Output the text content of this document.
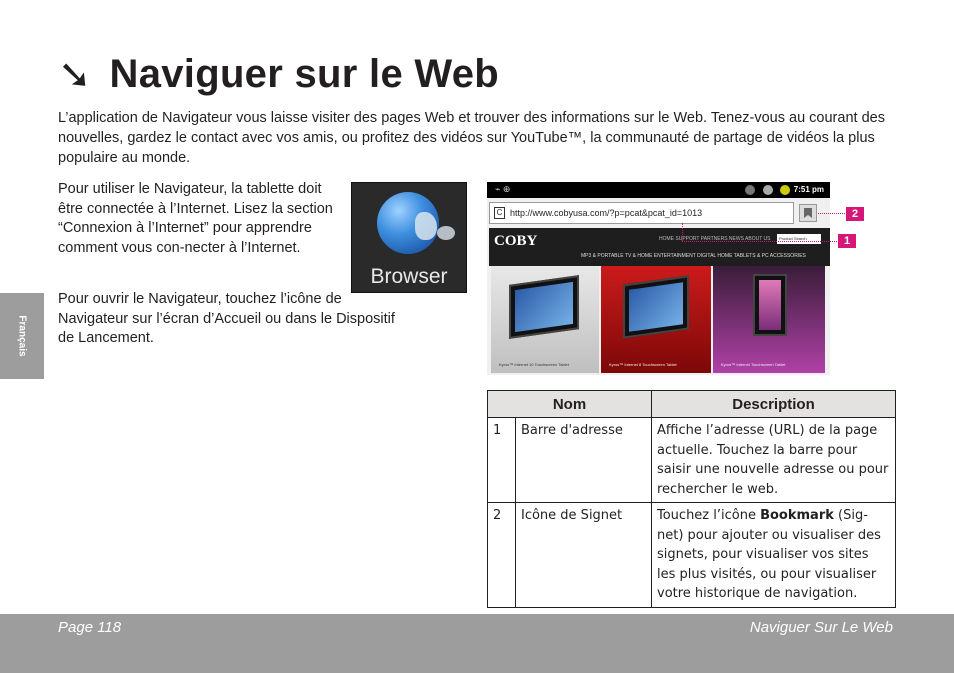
Français
➘ Naviguer sur le Web

L’application de Navigateur vous laisse visiter des pages Web et trouver des informations sur le Web. Tenez-vous au courant des nouvelles, gardez le contact avec vos amis, ou profitez des vidéos sur YouTube™, la communauté de partage de vidéos la plus populaire au monde.

Pour utiliser le Navigateur, la tablette doit être connectée à l’Internet. Lisez la section “Connexion à l’Internet” pour apprendre comment vous con-necter à l’Internet.

Pour ouvrir le Navigateur, touchez l’icône de Navigateur sur l’écran d’Accueil ou dans le Dispositif de Lancement.

Browser
⌁ ⊕	7:51 pm
C http://www.cobyusa.com/?p=pcat&pcat_id=1013
COBY	HOME SUPPORT PARTNERS NEWS ABOUT US	Product Search
MP3 & PORTABLE TV & HOME ENTERTAINMENT DIGITAL HOME TABLETS & PC ACCESSORIES
Kyros™ Internet 10 Touchscreen Tablet	Kyros™ Internet 8 Touchscreen Tablet	Kyros™ Internet Touchscreen Tablet
2
1
Nom		Description
1	Barre d'adresse	Affiche l’adresse (URL) de la page actuelle. Touchez la barre pour saisir une nouvelle adresse ou pour rechercher le web.
2	Icône de Signet	Touchez l’icône Bookmark (Sig-net) pour ajouter ou visualiser des signets, pour visualiser vos sites les plus visités, ou pour visualiser votre historique de navigation.
Page 118	Naviguer Sur Le Web
